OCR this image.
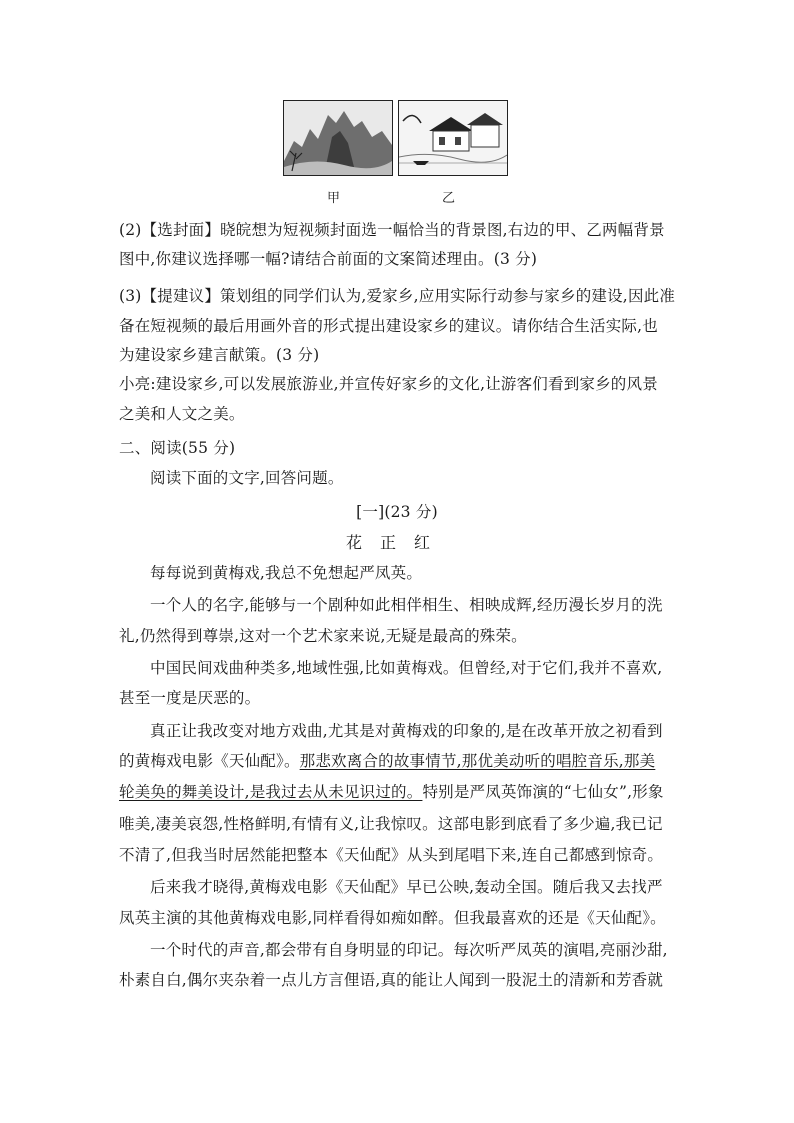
甲	乙
(2)【选封面】晓皖想为短视频封面选一幅恰当的背景图,右边的甲、乙两幅背景
图中,你建议选择哪一幅?请结合前面的文案简述理由。(3 分)
(3)【提建议】策划组的同学们认为,爱家乡,应用实际行动参与家乡的建设,因此准
备在短视频的最后用画外音的形式提出建设家乡的建议。请你结合生活实际,也
为建设家乡建言献策。(3 分)
小亮:建设家乡,可以发展旅游业,并宣传好家乡的文化,让游客们看到家乡的风景
之美和人文之美。
二、阅读(55 分)
阅读下面的文字,回答问题。
[一](23 分)
花正红
每每说到黄梅戏,我总不免想起严凤英。
一个人的名字,能够与一个剧种如此相伴相生、相映成辉,经历漫长岁月的洗
礼,仍然得到尊崇,这对一个艺术家来说,无疑是最高的殊荣。
中国民间戏曲种类多,地域性强,比如黄梅戏。但曾经,对于它们,我并不喜欢,
甚至一度是厌恶的。
真正让我改变对地方戏曲,尤其是对黄梅戏的印象的,是在改革开放之初看到
的黄梅戏电影《天仙配》。那悲欢离合的故事情节,那优美动听的唱腔音乐,那美
轮美奂的舞美设计,是我过去从未见识过的。特别是严凤英饰演的“七仙女”,形象
唯美,凄美哀怨,性格鲜明,有情有义,让我惊叹。这部电影到底看了多少遍,我已记
不清了,但我当时居然能把整本《天仙配》从头到尾唱下来,连自己都感到惊奇。
后来我才晓得,黄梅戏电影《天仙配》早已公映,轰动全国。随后我又去找严
凤英主演的其他黄梅戏电影,同样看得如痴如醉。但我最喜欢的还是《天仙配》。
一个时代的声音,都会带有自身明显的印记。每次听严凤英的演唱,亮丽沙甜,
朴素自白,偶尔夹杂着一点儿方言俚语,真的能让人闻到一股泥土的清新和芳香就
